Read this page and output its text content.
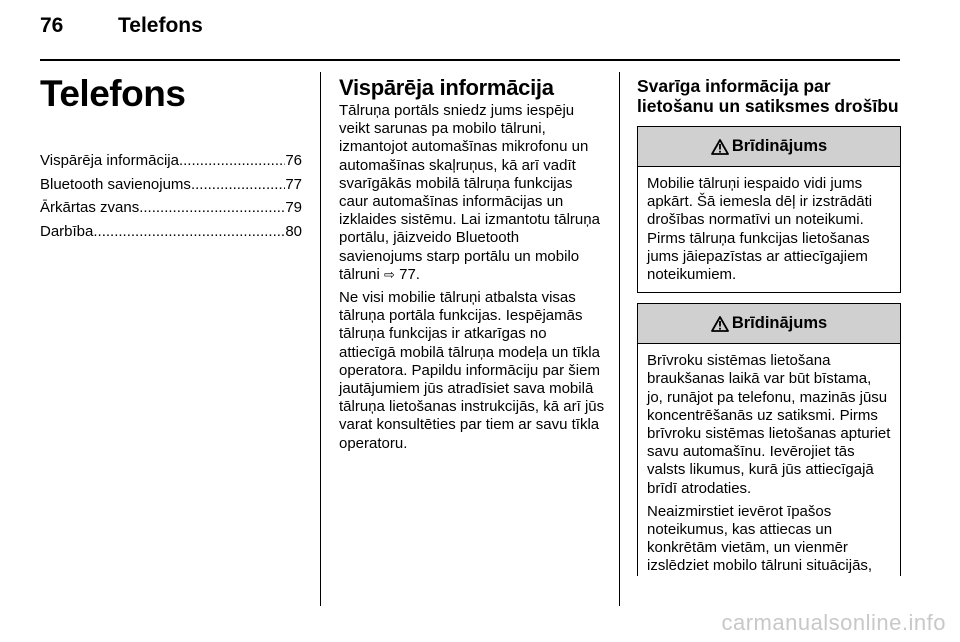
76	Telefons
Telefons
Vispārēja informācija .....	76
Bluetooth savienojums .....	77
Ārkārtas zvans .....	79
Darbība .....	80
Vispārēja informācija

Tālruņa portāls sniedz jums iespēju veikt sarunas pa mobilo tālruni, izmantojot automašīnas mikrofonu un automašīnas skaļruņus, kā arī vadīt svarīgākās mobilā tālruņa funkcijas caur automašīnas informācijas un izklaides sistēmu. Lai izmantotu tālruņa portālu, jāizveido Bluetooth savienojums starp portālu un mobilo tālruni ⇨ 77.

Ne visi mobilie tālruņi atbalsta visas tālruņa portāla funkcijas. Iespējamās tālruņa funkcijas ir atkarīgas no attiecīgā mobilā tālruņa modeļa un tīkla operatora. Papildu informāciju par šiem jautājumiem jūs atradīsiet sava mobilā tālruņa lietošanas instrukcijās, kā arī jūs varat konsultēties par tiem ar savu tīkla operatoru.

Svarīga informācija par lietošanu un satiksmes drošību
Brīdinājums
Mobilie tālruņi iespaido vidi jums apkārt. Šā iemesla dēļ ir izstrādāti drošības normatīvi un noteikumi. Pirms tālruņa funkcijas lietošanas jums jāiepazīstas ar attiecīgajiem noteikumiem.
Brīdinājums

Brīvroku sistēmas lietošana braukšanas laikā var būt bīstama, jo, runājot pa telefonu, mazinās jūsu koncentrēšanās uz satiksmi. Pirms brīvroku sistēmas lietošanas apturiet savu automašīnu. Ievērojiet tās valsts likumus, kurā jūs attiecīgajā brīdī atrodaties.

Neaizmirstiet ievērot īpašos noteikumus, kas attiecas un konkrētām vietām, un vienmēr izslēdziet mobilo tālruni situācijās,

carmanualsonline.info
